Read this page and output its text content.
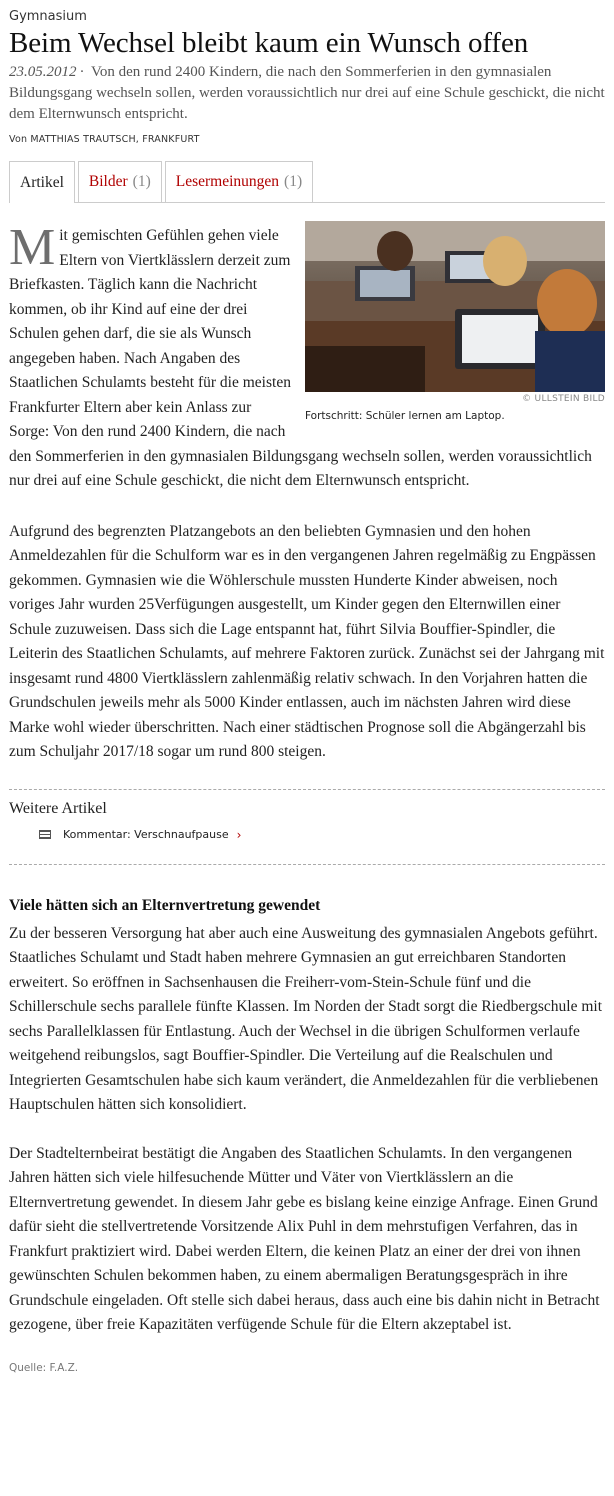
Gymnasium
Beim Wechsel bleibt kaum ein Wunsch offen

23.05.2012 · Von den rund 2400 Kindern, die nach den Sommerferien in den gymnasialen Bildungsgang wechseln sollen, werden voraussichtlich nur drei auf eine Schule geschickt, die nicht dem Elternwunsch entspricht.

Von MATTHIAS TRAUTSCH, FRANKFURT
Artikel Bilder (1) Lesermeinungen (1)
© ULLSTEIN BILD
Fortschritt: Schüler lernen am Laptop.

Mit gemischten Gefühlen gehen viele Eltern von Viertklässlern derzeit zum Briefkasten. Täglich kann die Nachricht kommen, ob ihr Kind auf eine der drei Schulen gehen darf, die sie als Wunsch angegeben haben. Nach Angaben des Staatlichen Schulamts besteht für die meisten Frankfurter Eltern aber kein Anlass zur Sorge: Von den rund 2400 Kindern, die nach den Sommerferien in den gymnasialen Bildungsgang wechseln sollen, werden voraussichtlich nur drei auf eine Schule geschickt, die nicht dem Elternwunsch entspricht.

Aufgrund des begrenzten Platzangebots an den beliebten Gymnasien und den hohen Anmeldezahlen für die Schulform war es in den vergangenen Jahren regelmäßig zu Engpässen gekommen. Gymnasien wie die Wöhlerschule mussten Hunderte Kinder abweisen, noch voriges Jahr wurden 25Verfügungen ausgestellt, um Kinder gegen den Elternwillen einer Schule zuzuweisen. Dass sich die Lage entspannt hat, führt Silvia Bouffier-Spindler, die Leiterin des Staatlichen Schulamts, auf mehrere Faktoren zurück. Zunächst sei der Jahrgang mit insgesamt rund 4800 Viertklässlern zahlenmäßig relativ schwach. In den Vorjahren hatten die Grundschulen jeweils mehr als 5000 Kinder entlassen, auch im nächsten Jahren wird diese Marke wohl wieder überschritten. Nach einer städtischen Prognose soll die Abgängerzahl bis zum Schuljahr 2017/18 sogar um rund 800 steigen.

Weitere Artikel
Kommentar: Verschnaufpause ›
Viele hätten sich an Elternvertretung gewendet

Zu der besseren Versorgung hat aber auch eine Ausweitung des gymnasialen Angebots geführt. Staatliches Schulamt und Stadt haben mehrere Gymnasien an gut erreichbaren Standorten erweitert. So eröffnen in Sachsenhausen die Freiherr-vom-Stein-Schule fünf und die Schillerschule sechs parallele fünfte Klassen. Im Norden der Stadt sorgt die Riedbergschule mit sechs Parallelklassen für Entlastung. Auch der Wechsel in die übrigen Schulformen verlaufe weitgehend reibungslos, sagt Bouffier-Spindler. Die Verteilung auf die Realschulen und Integrierten Gesamtschulen habe sich kaum verändert, die Anmeldezahlen für die verbliebenen Hauptschulen hätten sich konsolidiert.

Der Stadtelternbeirat bestätigt die Angaben des Staatlichen Schulamts. In den vergangenen Jahren hätten sich viele hilfesuchende Mütter und Väter von Viertklässlern an die Elternvertretung gewendet. In diesem Jahr gebe es bislang keine einzige Anfrage. Einen Grund dafür sieht die stellvertretende Vorsitzende Alix Puhl in dem mehrstufigen Verfahren, das in Frankfurt praktiziert wird. Dabei werden Eltern, die keinen Platz an einer der drei von ihnen gewünschten Schulen bekommen haben, zu einem abermaligen Beratungsgespräch in ihre Grundschule eingeladen. Oft stelle sich dabei heraus, dass auch eine bis dahin nicht in Betracht gezogene, über freie Kapazitäten verfügende Schule für die Eltern akzeptabel ist.

Quelle: F.A.Z.
